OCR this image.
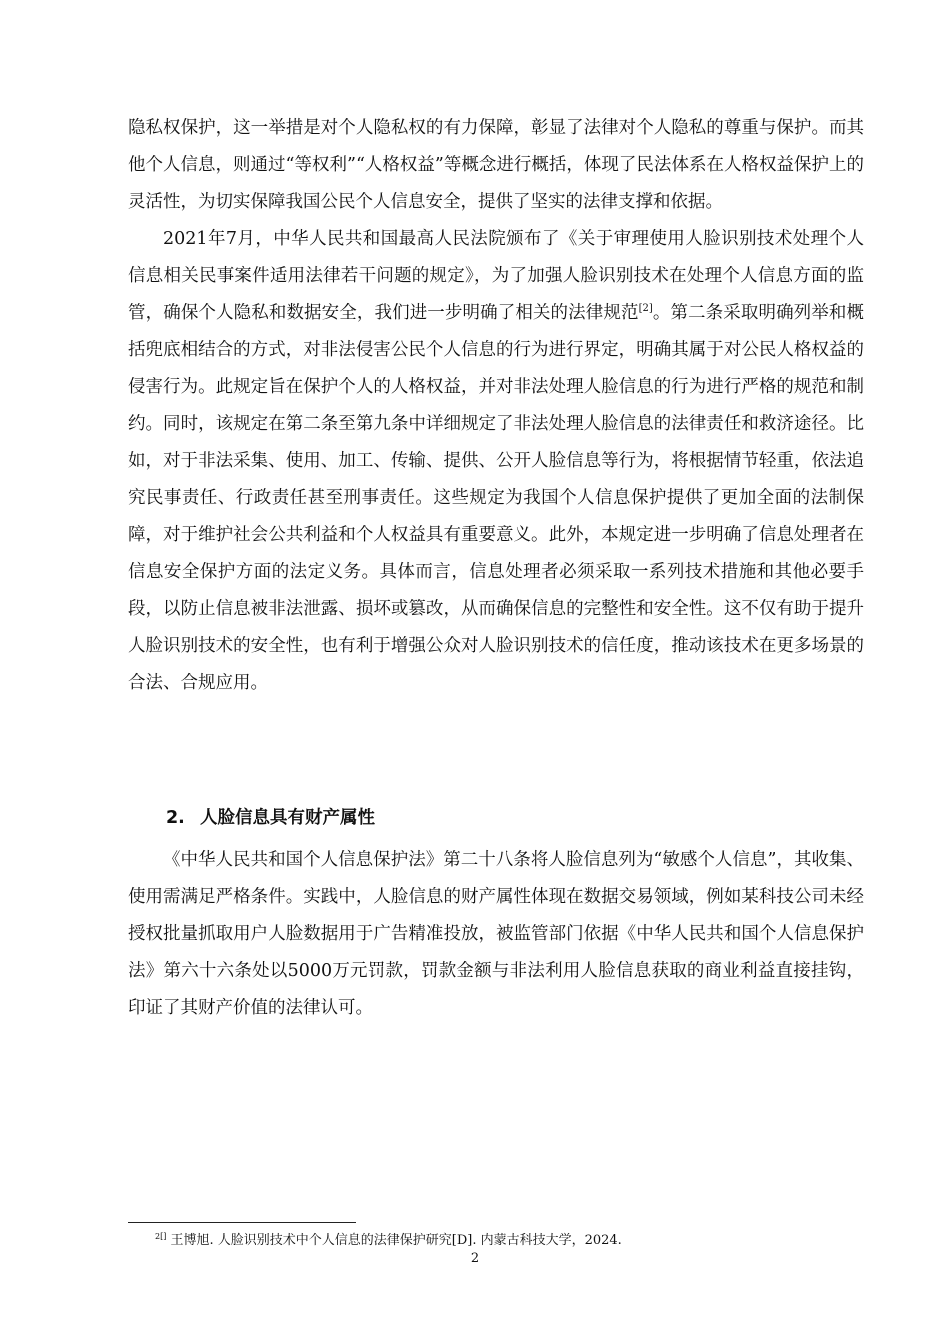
隐私权保护，这一举措是对个人隐私权的有力保障，彰显了法律对个人隐私的尊重与保护。而其他个人信息，则通过“等权利”“人格权益”等概念进行概括，体现了民法体系在人格权益保护上的灵活性，为切实保障我国公民个人信息安全，提供了坚实的法律支撑和依据。

2021年7月，中华人民共和国最高人民法院颁布了《关于审理使用人脸识别技术处理个人信息相关民事案件适用法律若干问题的规定》，为了加强人脸识别技术在处理个人信息方面的监管，确保个人隐私和数据安全，我们进一步明确了相关的法律规范[2]。第二条采取明确列举和概括兜底相结合的方式，对非法侵害公民个人信息的行为进行界定，明确其属于对公民人格权益的侵害行为。此规定旨在保护个人的人格权益，并对非法处理人脸信息的行为进行严格的规范和制约。同时，该规定在第二条至第九条中详细规定了非法处理人脸信息的法律责任和救济途径。比如，对于非法采集、使用、加工、传输、提供、公开人脸信息等行为，将根据情节轻重，依法追究民事责任、行政责任甚至刑事责任。这些规定为我国个人信息保护提供了更加全面的法制保障，对于维护社会公共利益和个人权益具有重要意义。此外，本规定进一步明确了信息处理者在信息安全保护方面的法定义务。具体而言，信息处理者必须采取一系列技术措施和其他必要手段，以防止信息被非法泄露、损坏或篡改，从而确保信息的完整性和安全性。这不仅有助于提升人脸识别技术的安全性，也有利于增强公众对人脸识别技术的信任度，推动该技术在更多场景的合法、合规应用。

2. 人脸信息具有财产属性

《中华人民共和国个人信息保护法》第二十八条将人脸信息列为“敏感个人信息”，其收集、使用需满足严格条件。实践中，人脸信息的财产属性体现在数据交易领域，例如某科技公司未经授权批量抓取用户人脸数据用于广告精准投放，被监管部门依据《中华人民共和国个人信息保护法》第六十六条处以5000万元罚款，罚款金额与非法利用人脸信息获取的商业利益直接挂钩，印证了其财产价值的法律认可。

$^{2[]}$ 王博旭. 人脸识别技术中个人信息的法律保护研究[D]. 内蒙古科技大学，2024.

2
